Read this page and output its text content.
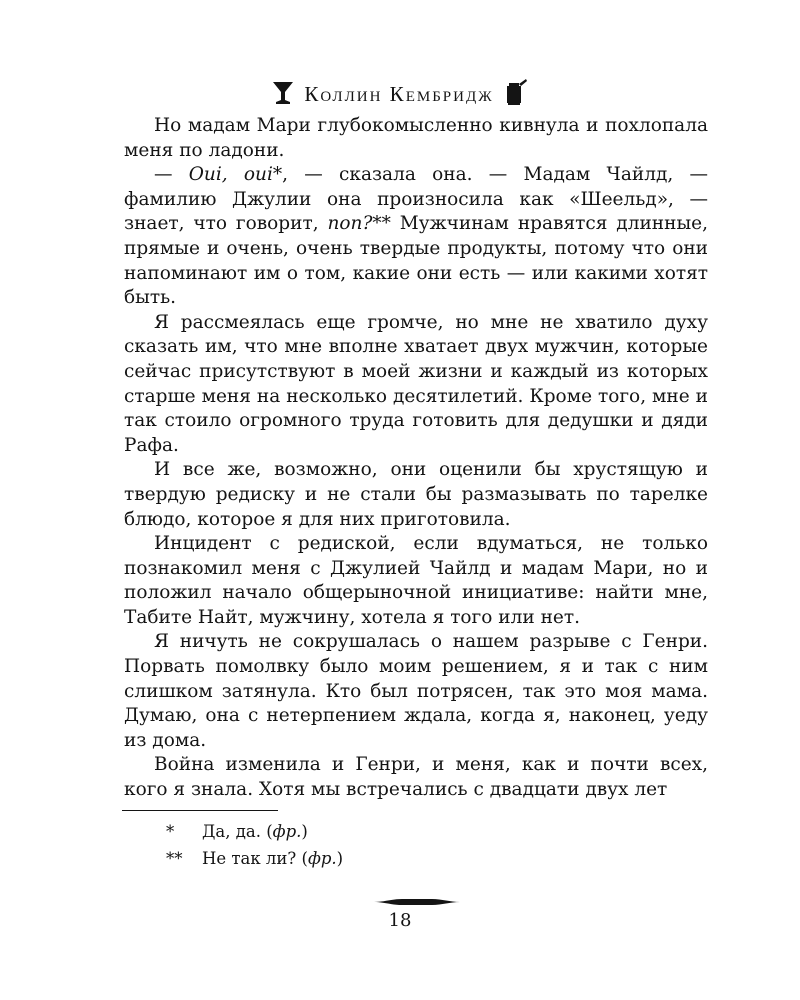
Коллин Кембридж

Но мадам Мари глубокомысленно кивнула и похлопала меня по ладони.

— Oui, oui*, — сказала она. — Мадам Чайлд, — фамилию Джулии она произносила как «Шеельд», — знает, что говорит, non?** Мужчинам нравятся длинные, прямые и очень, очень твердые продукты, потому что они напоминают им о том, какие они есть — или какими хотят быть.

Я рассмеялась еще громче, но мне не хватило духу сказать им, что мне вполне хватает двух мужчин, которые сейчас присутствуют в моей жизни и каждый из которых старше меня на несколько десятилетий. Кроме того, мне и так стоило огромного труда готовить для дедушки и дяди Рафа.

И все же, возможно, они оценили бы хрустящую и твердую редиску и не стали бы размазывать по тарелке блюдо, которое я для них приготовила.

Инцидент с редиской, если вдуматься, не только познакомил меня с Джулией Чайлд и мадам Мари, но и положил начало общерыночной инициативе: найти мне, Табите Найт, мужчину, хотела я того или нет.

Я ничуть не сокрушалась о нашем разрыве с Генри. Порвать помолвку было моим решением, я и так с ним слишком затянула. Кто был потрясен, так это моя мама. Думаю, она с нетерпением ждала, когда я, наконец, уеду из дома.

Война изменила и Генри, и меня, как и почти всех, кого я знала. Хотя мы встречались с двадцати двух лет

* Да, да. (фр.)
** Не так ли? (фр.)
18
